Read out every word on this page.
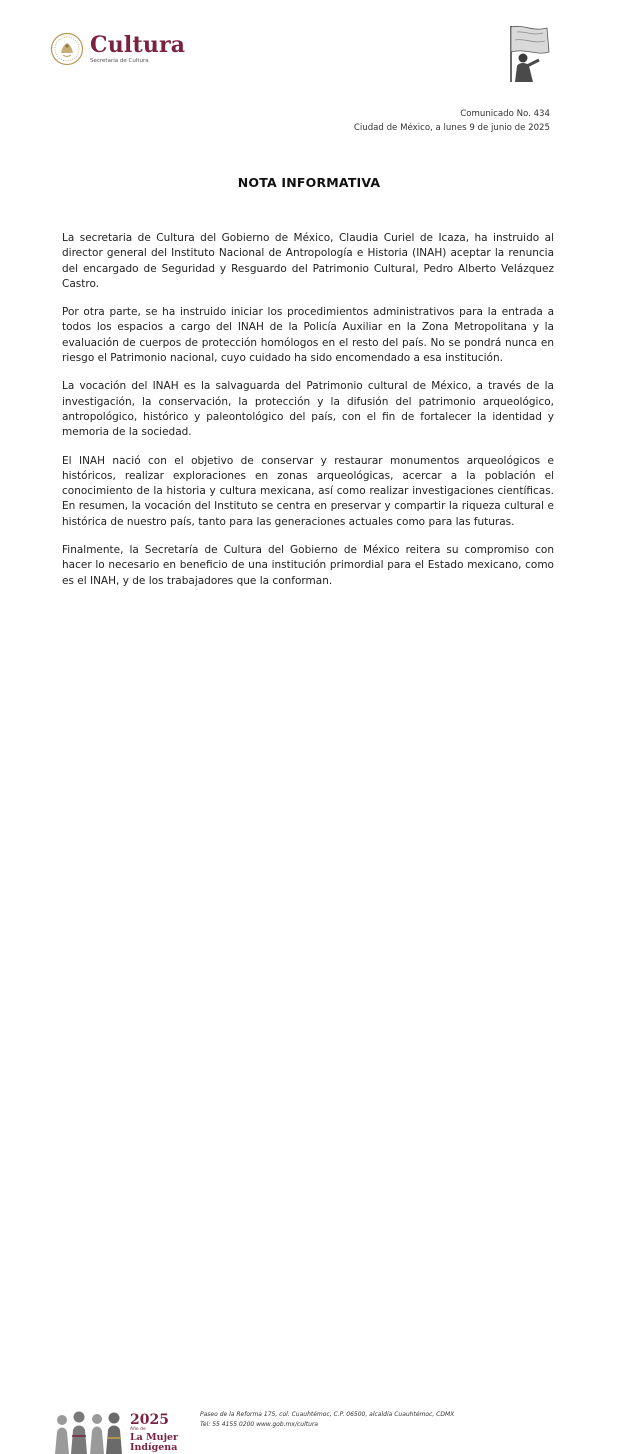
Cultura
Secretaría de Cultura
Comunicado No. 434
Ciudad de México, a lunes 9 de junio de 2025
NOTA INFORMATIVA

La secretaria de Cultura del Gobierno de México, Claudia Curiel de Icaza, ha instruido al director general del Instituto Nacional de Antropología e Historia (INAH) aceptar la renuncia del encargado de Seguridad y Resguardo del Patrimonio Cultural, Pedro Alberto Velázquez Castro.

Por otra parte, se ha instruido iniciar los procedimientos administrativos para la entrada a todos los espacios a cargo del INAH de la Policía Auxiliar en la Zona Metropolitana y la evaluación de cuerpos de protección homólogos en el resto del país. No se pondrá nunca en riesgo el Patrimonio nacional, cuyo cuidado ha sido encomendado a esa institución.

La vocación del INAH es la salvaguarda del Patrimonio cultural de México, a través de la investigación, la conservación, la protección y la difusión del patrimonio arqueológico, antropológico, histórico y paleontológico del país, con el fin de fortalecer la identidad y memoria de la sociedad.

El INAH nació con el objetivo de conservar y restaurar monumentos arqueológicos e históricos, realizar exploraciones en zonas arqueológicas, acercar a la población el conocimiento de la historia y cultura mexicana, así como realizar investigaciones científicas. En resumen, la vocación del Instituto se centra en preservar y compartir la riqueza cultural e histórica de nuestro país, tanto para las generaciones actuales como para las futuras.

Finalmente, la Secretaría de Cultura del Gobierno de México reitera su compromiso con hacer lo necesario en beneficio de una institución primordial para el Estado mexicano, como es el INAH, y de los trabajadores que la conforman.

2025
Año de
La Mujer
Indígena
Paseo de la Reforma 175, col. Cuauhtémoc, C.P. 06500, alcaldía Cuauhtémoc, CDMX
Tel: 55 4155 0200 www.gob.mx/cultura
